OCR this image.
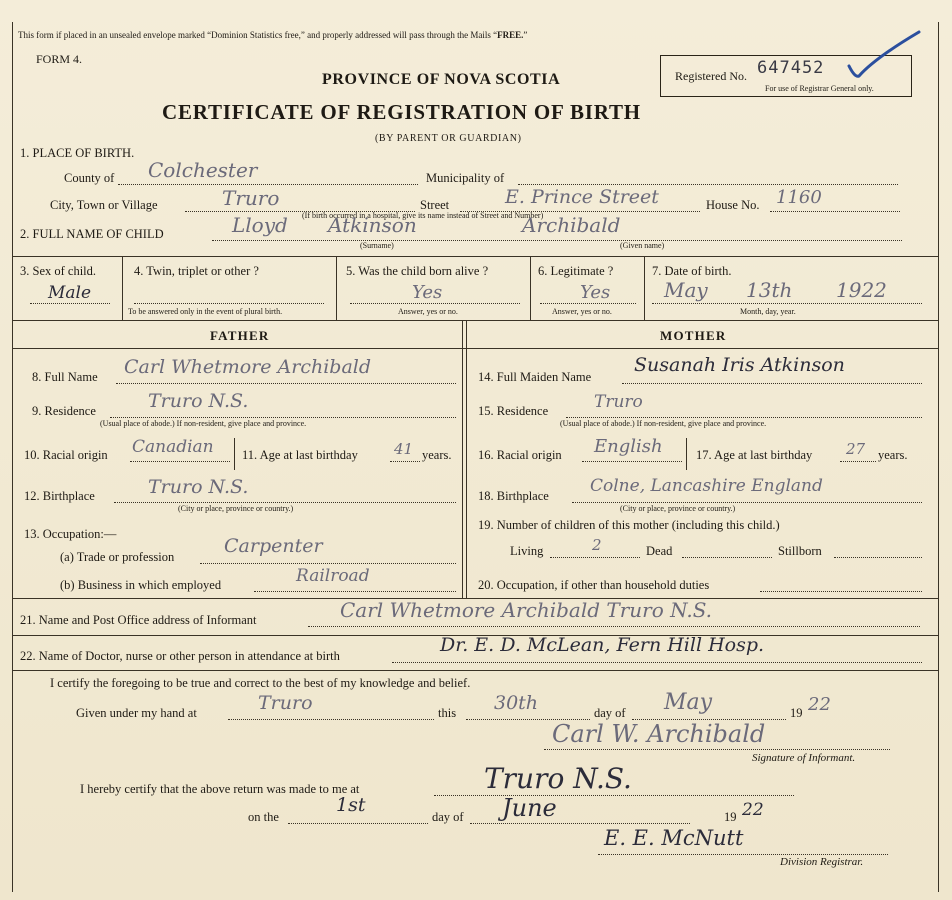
This form if placed in an unsealed envelope marked “Dominion Statistics free,” and properly addressed will pass through the Mails “FREE.”
FORM 4.
Registered No. 647452
For use of Registrar General only.
PROVINCE OF NOVA SCOTIA
CERTIFICATE OF REGISTRATION OF BIRTH
(BY PARENT OR GUARDIAN)
1. PLACE OF BIRTH.
County of Colchester	Municipality of
City, Town or Village	Truro	Street	E. Prince Street	House No. 1160
(If birth occurred in a hospital, give its name instead of Street and Number)
2. FULL NAME OF CHILD	Lloyd Atkinson	Archibald
(Surname)	(Given name)
3. Sex of child.
Male
4. Twin, triplet or other ?
To be answered only in the event of plural birth.
5. Was the child born alive ?
Yes
Answer, yes or no.
6. Legitimate ?
Yes
Answer, yes or no.
7. Date of birth.
May 13th 1922
Month, day, year.
FATHER	MOTHER
8. Full Name Carl Whetmore Archibald
9. Residence	Truro N.S.
(Usual place of abode.) If non-resident, give place and province.
10. Racial origin Canadian 11. Age at last birthday 41 years.
12. Birthplace	Truro N.S.
(City or place, province or country.)
13. Occupation:—
(a) Trade or profession	Carpenter
(b) Business in which employed	Railroad
14. Full Maiden Name
Susanah Iris Atkinson
15. Residence	Truro
(Usual place of abode.) If non-resident, give place and province.
16. Racial origin English	17. Age at last birthday 27 years.
18. Birthplace Colne, Lancashire England
(City or place, province or country.)
19. Number of children of this mother (including this child.)
Living	2	Dead	Stillborn
20. Occupation, if other than household duties
21. Name and Post Office address of Informant	Carl Whetmore Archibald Truro N.S.
22. Name of Doctor, nurse or other person in attendance at birth	Dr. E. D. McLean, Fern Hill Hosp.
I certify the foregoing to be true and correct to the best of my knowledge and belief.
Given under my hand at	Truro	this 30th	day of May	19 22
Carl W. Archibald
Signature of Informant.
I hereby certify that the above return was made to me at	Truro N.S.
on the
1st
day of June	19 22
E. E. McNutt
Division Registrar.
